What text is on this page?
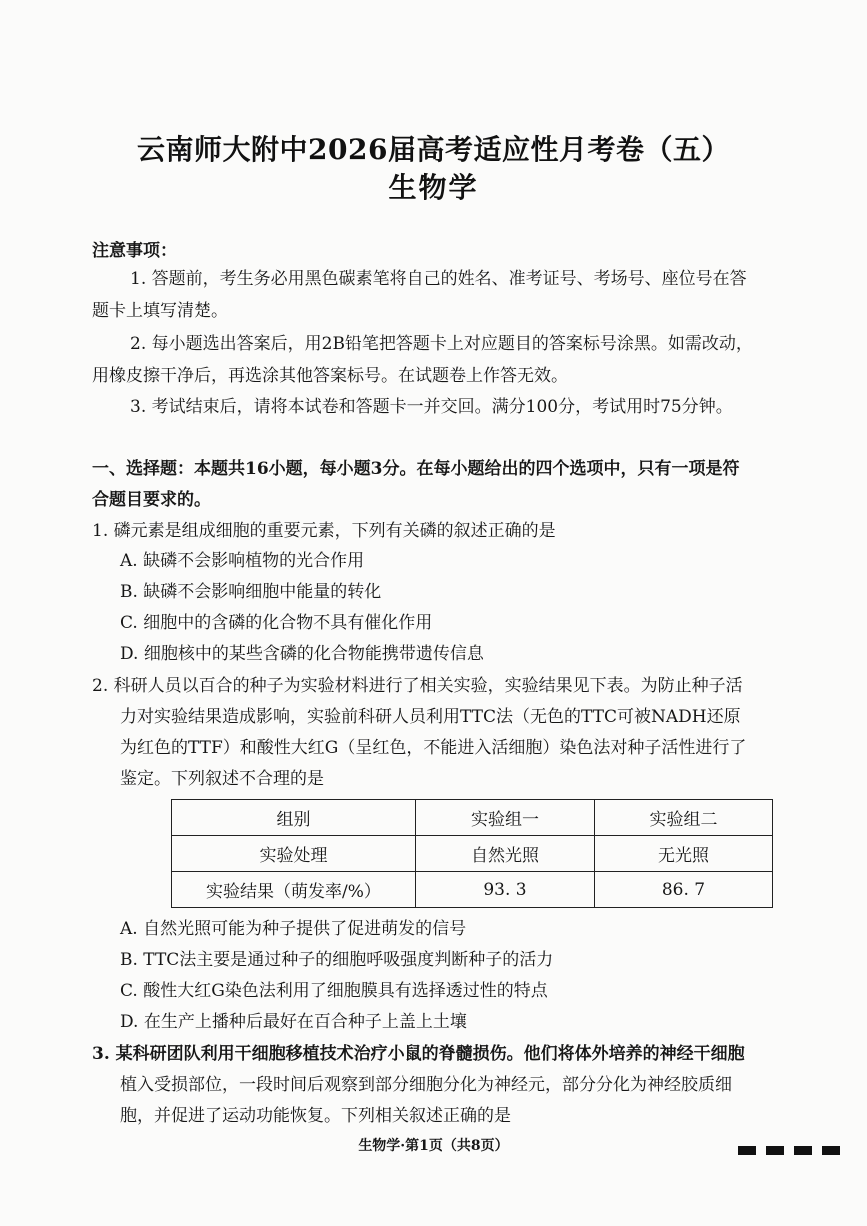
云南师大附中2026届高考适应性月考卷（五）
生物学
注意事项：
1. 答题前，考生务必用黑色碳素笔将自己的姓名、准考证号、考场号、座位号在答
题卡上填写清楚。
2. 每小题选出答案后，用2B铅笔把答题卡上对应题目的答案标号涂黑。如需改动，
用橡皮擦干净后，再选涂其他答案标号。在试题卷上作答无效。
3. 考试结束后，请将本试卷和答题卡一并交回。满分100分，考试用时75分钟。
一、选择题：本题共16小题，每小题3分。在每小题给出的四个选项中，只有一项是符
合题目要求的。
1. 磷元素是组成细胞的重要元素，下列有关磷的叙述正确的是
A. 缺磷不会影响植物的光合作用
B. 缺磷不会影响细胞中能量的转化
C. 细胞中的含磷的化合物不具有催化作用
D. 细胞核中的某些含磷的化合物能携带遗传信息
2. 科研人员以百合的种子为实验材料进行了相关实验，实验结果见下表。为防止种子活
力对实验结果造成影响，实验前科研人员利用TTC法（无色的TTC可被NADH还原
为红色的TTF）和酸性大红G（呈红色，不能进入活细胞）染色法对种子活性进行了
鉴定。下列叙述不合理的是
组别	实验组一	实验组二
实验处理	自然光照	无光照
实验结果（萌发率/%）	93. 3	86. 7
A. 自然光照可能为种子提供了促进萌发的信号
B. TTC法主要是通过种子的细胞呼吸强度判断种子的活力
C. 酸性大红G染色法利用了细胞膜具有选择透过性的特点
D. 在生产上播种后最好在百合种子上盖上土壤
3. 某科研团队利用干细胞移植技术治疗小鼠的脊髓损伤。他们将体外培养的神经干细胞
植入受损部位，一段时间后观察到部分细胞分化为神经元，部分分化为神经胶质细
胞，并促进了运动功能恢复。下列相关叙述正确的是
生物学·第1页（共8页）
